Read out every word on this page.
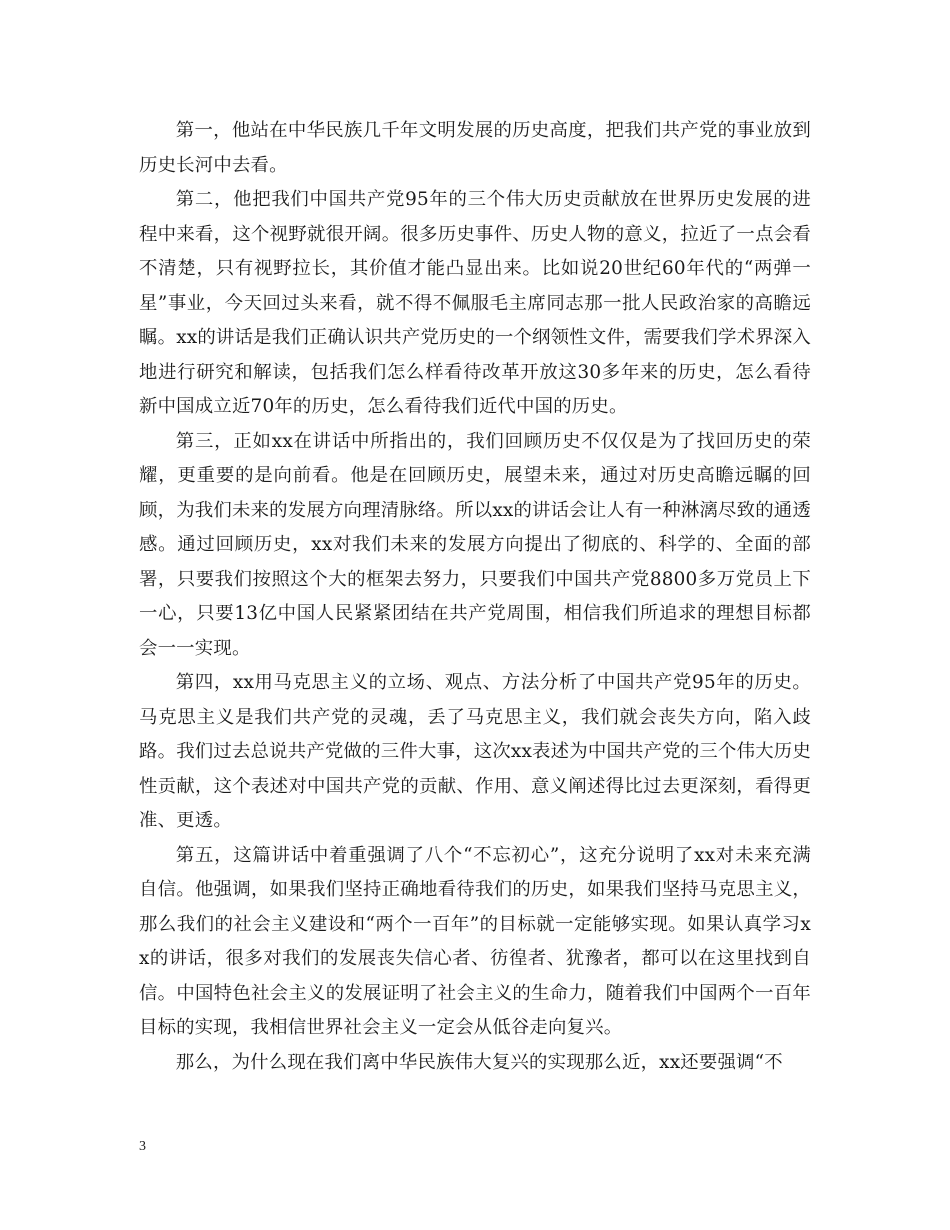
第一，他站在中华民族几千年文明发展的历史高度，把我们共产党的事业放到历史长河中去看。

第二，他把我们中国共产党95年的三个伟大历史贡献放在世界历史发展的进程中来看，这个视野就很开阔。很多历史事件、历史人物的意义，拉近了一点会看不清楚，只有视野拉长，其价值才能凸显出来。比如说20世纪60年代的“两弹一星”事业，今天回过头来看，就不得不佩服毛主席同志那一批人民政治家的高瞻远瞩。xx的讲话是我们正确认识共产党历史的一个纲领性文件，需要我们学术界深入地进行研究和解读，包括我们怎么样看待改革开放这30多年来的历史，怎么看待新中国成立近70年的历史，怎么看待我们近代中国的历史。

第三，正如xx在讲话中所指出的，我们回顾历史不仅仅是为了找回历史的荣耀，更重要的是向前看。他是在回顾历史，展望未来，通过对历史高瞻远瞩的回顾，为我们未来的发展方向理清脉络。所以xx的讲话会让人有一种淋漓尽致的通透感。通过回顾历史，xx对我们未来的发展方向提出了彻底的、科学的、全面的部署，只要我们按照这个大的框架去努力，只要我们中国共产党8800多万党员上下一心，只要13亿中国人民紧紧团结在共产党周围，相信我们所追求的理想目标都会一一实现。

第四，xx用马克思主义的立场、观点、方法分析了中国共产党95年的历史。马克思主义是我们共产党的灵魂，丢了马克思主义，我们就会丧失方向，陷入歧路。我们过去总说共产党做的三件大事，这次xx表述为中国共产党的三个伟大历史性贡献，这个表述对中国共产党的贡献、作用、意义阐述得比过去更深刻，看得更准、更透。

第五，这篇讲话中着重强调了八个“不忘初心”，这充分说明了xx对未来充满自信。他强调，如果我们坚持正确地看待我们的历史，如果我们坚持马克思主义，那么我们的社会主义建设和“两个一百年”的目标就一定能够实现。如果认真学习xx的讲话，很多对我们的发展丧失信心者、彷徨者、犹豫者，都可以在这里找到自信。中国特色社会主义的发展证明了社会主义的生命力，随着我们中国两个一百年目标的实现，我相信世界社会主义一定会从低谷走向复兴。

那么，为什么现在我们离中华民族伟大复兴的实现那么近，xx还要强调“不

3
